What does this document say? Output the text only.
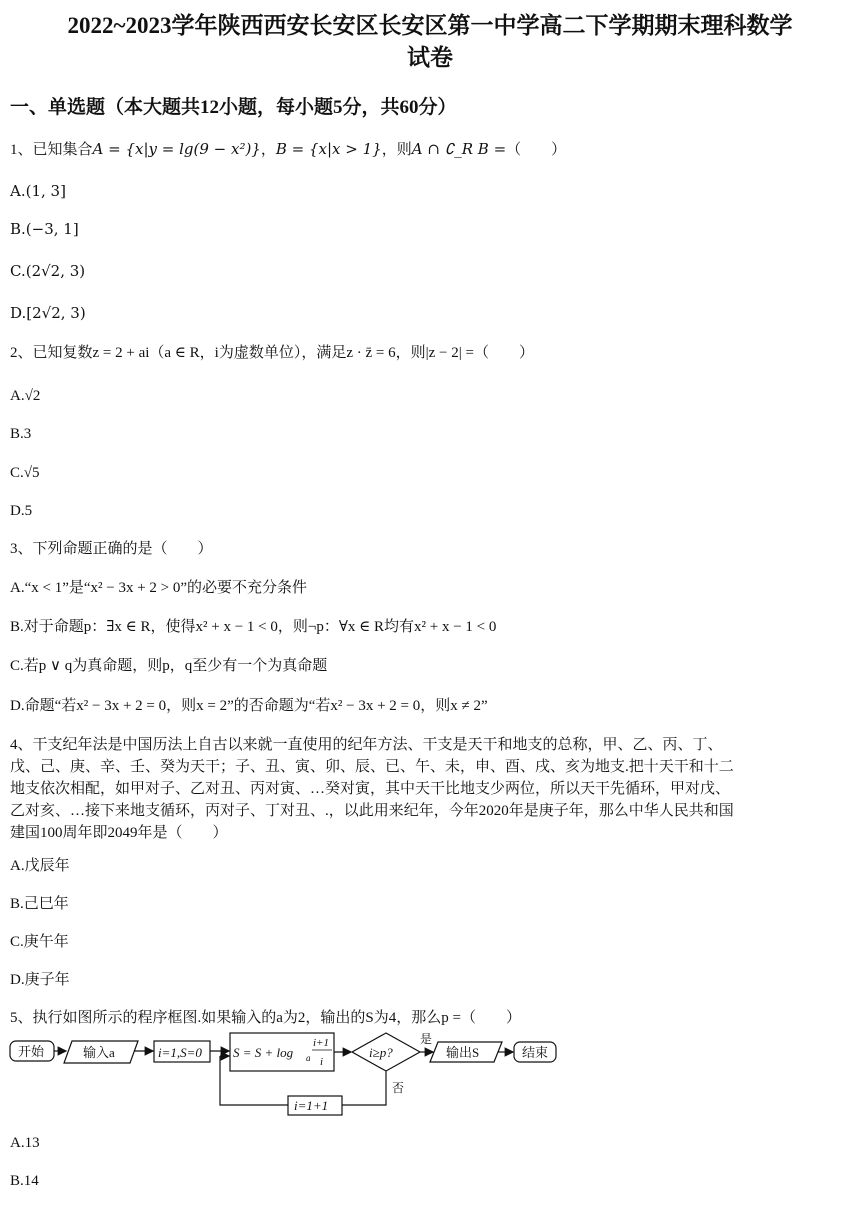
2022~2023学年陕西西安长安区长安区第一中学高二下学期期末理科数学
试卷
一、单选题（本大题共12小题，每小题5分，共60分）
1、已知集合A = {x|y = lg(9 − x²)}，B = {x|x > 1}，则A ∩ ∁_R B =（　　）
A.(1, 3]
B.(−3, 1]
C.(2√2, 3)
D.[2√2, 3)
2、已知复数z = 2 + ai（a ∈ R，i为虚数单位），满足z · z̄ = 6，则|z − 2| =（　　）
A.√2
B.3
C.√5
D.5
3、下列命题正确的是（　　）
A.“x < 1”是“x² − 3x + 2 > 0”的必要不充分条件
B.对于命题p：∃x ∈ R，使得x² + x − 1 < 0，则¬p：∀x ∈ R均有x² + x − 1 < 0
C.若p ∨ q为真命题，则p，q至少有一个为真命题
D.命题“若x² − 3x + 2 = 0，则x = 2”的否命题为“若x² − 3x + 2 = 0，则x ≠ 2”
4、干支纪年法是中国历法上自古以来就一直使用的纪年方法、干支是天干和地支的总称，甲、乙、丙、丁、
戊、己、庚、辛、壬、癸为天干；子、丑、寅、卯、辰、已、午、未，申、酉、戌、亥为地支.把十天干和十二
地支依次相配，如甲对子、乙对丑、丙对寅、…癸对寅，其中天干比地支少两位，所以天干先循环，甲对戊、
乙对亥、…接下来地支循环，丙对子、丁对丑、.，以此用来纪年，今年2020年是庚子年，那么中华人民共和国
建国100周年即2049年是（　　）
A.戊辰年
B.己巳年
C.庚午年
D.庚子年
5、执行如图所示的程序框图.如果输入的a为2，输出的S为4，那么p =（　　）
开始	输入a	i=1,S=0 S = S + log a
i+1
i
i≥p?
是
否
输出S	结束
i=1+1
A.13
B.14
